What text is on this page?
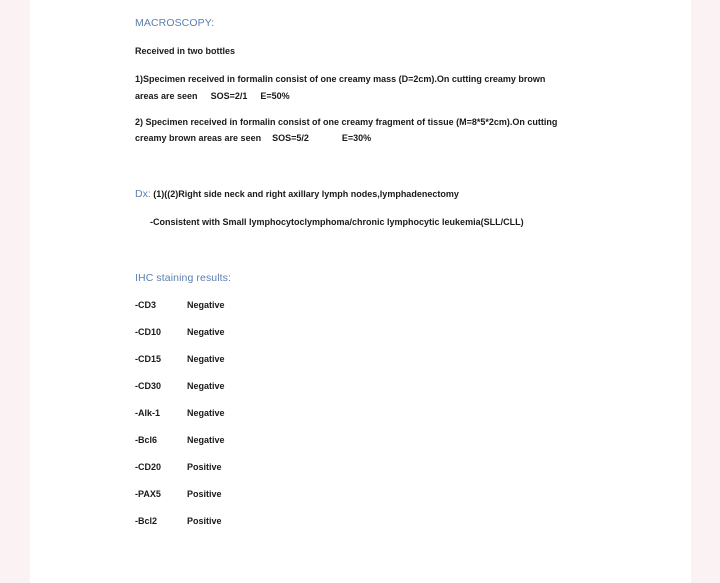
MACROSCOPY:
Received in two bottles
1)Specimen received in formalin consist of one creamy mass (D=2cm).On cutting creamy brown
areas are seen SOS=2/1 E=50%
2) Specimen received in formalin consist of one creamy fragment of tissue (M=8*5*2cm).On cutting
creamy brown areas are seen SOS=5/2	E=30%
Dx: (1)((2)Right side neck and right axillary lymph nodes,lymphadenectomy
-Consistent with Small lymphocytoclymphoma/chronic lymphocytic leukemia(SLL/CLL)
IHC staining results:
-CD3	Negative
-CD10	Negative
-CD15	Negative
-CD30	Negative
-Alk-1	Negative
-Bcl6	Negative
-CD20	Positive
-PAX5	Positive
-Bcl2	Positive
